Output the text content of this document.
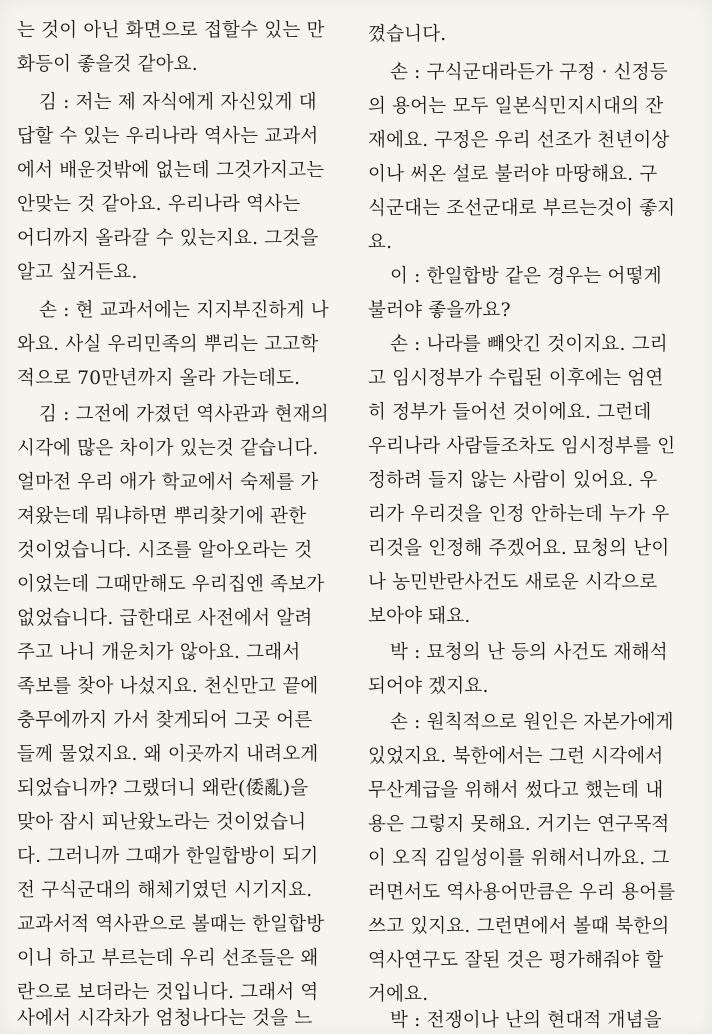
는 것이 아닌 화면으로 접할수 있는 만
화등이 좋을것 같아요.
김 : 저는 제 자식에게 자신있게 대
답할 수 있는 우리나라 역사는 교과서
에서 배운것밖에 없는데 그것가지고는
안맞는 것 같아요. 우리나라 역사는
어디까지 올라갈 수 있는지요. 그것을
알고 싶거든요.
손 : 현 교과서에는 지지부진하게 나
와요. 사실 우리민족의 뿌리는 고고학
적으로 70만년까지 올라 가는데도.
김 : 그전에 가졌던 역사관과 현재의
시각에 많은 차이가 있는것 같습니다.
얼마전 우리 애가 학교에서 숙제를 가
져왔는데 뭐냐하면 뿌리찾기에 관한
것이었습니다. 시조를 알아오라는 것
이었는데 그때만해도 우리집엔 족보가
없었습니다. 급한대로 사전에서 알려
주고 나니 개운치가 않아요. 그래서
족보를 찾아 나섰지요. 천신만고 끝에
충무에까지 가서 찾게되어 그곳 어른
들께 물었지요. 왜 이곳까지 내려오게
되었습니까? 그랬더니 왜란(倭亂)을
맞아 잠시 피난왔노라는 것이었습니
다. 그러니까 그때가 한일합방이 되기
전 구식군대의 해체기였던 시기지요.
교과서적 역사관으로 볼때는 한일합방
이니 하고 부르는데 우리 선조들은 왜
란으로 보더라는 것입니다. 그래서 역
사에서 시각차가 엄청나다는 것을 느
꼈습니다.
손 : 구식군대라든가 구정 · 신정등
의 용어는 모두 일본식민지시대의 잔
재에요. 구정은 우리 선조가 천년이상
이나 써온 설로 불러야 마땅해요. 구
식군대는 조선군대로 부르는것이 좋지
요.
이 : 한일합방 같은 경우는 어떻게
불러야 좋을까요?
손 : 나라를 빼앗긴 것이지요. 그리
고 임시정부가 수립된 이후에는 엄연
히 정부가 들어선 것이에요. 그런데
우리나라 사람들조차도 임시정부를 인
정하려 들지 않는 사람이 있어요. 우
리가 우리것을 인정 안하는데 누가 우
리것을 인정해 주겠어요. 묘청의 난이
나 농민반란사건도 새로운 시각으로
보아야 돼요.
박 : 묘청의 난 등의 사건도 재해석
되어야 겠지요.
손 : 원칙적으로 원인은 자본가에게
있었지요. 북한에서는 그런 시각에서
무산계급을 위해서 썼다고 했는데 내
용은 그렇지 못해요. 거기는 연구목적
이 오직 김일성이를 위해서니까요. 그
러면서도 역사용어만큼은 우리 용어를
쓰고 있지요. 그런면에서 볼때 북한의
역사연구도 잘된 것은 평가해줘야 할
거에요.
박 : 전쟁이나 난의 현대적 개념을
